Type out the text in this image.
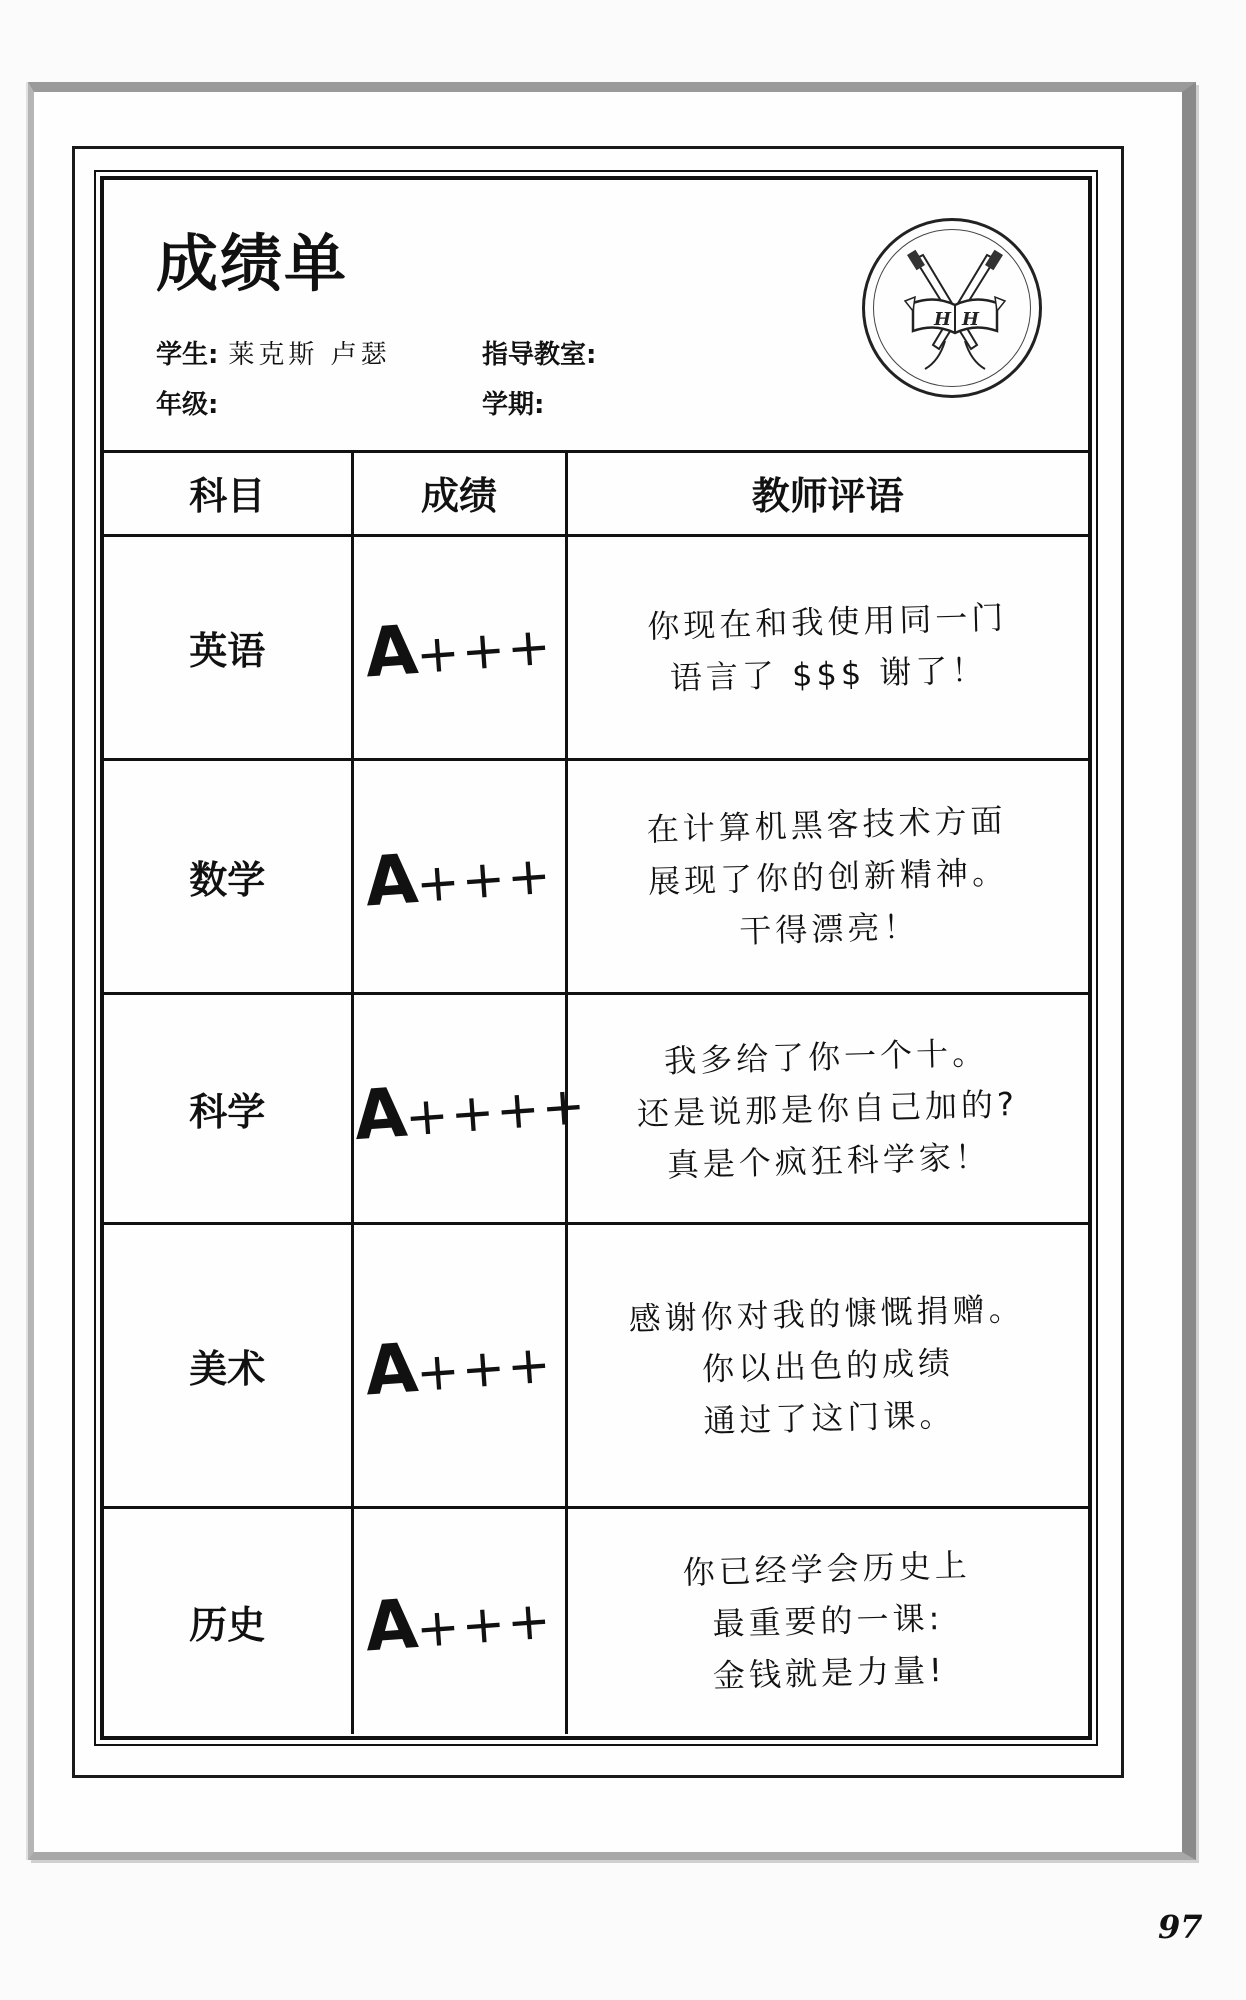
成绩单
学生: 莱克斯 卢瑟	指导教室:
年级:	学期:
H H
科目	成绩	教师评语
英语	A+++	你现在和我使用同一门
语言了 $$$ 谢了！
数学	A+++	在计算机黑客技术方面
展现了你的创新精神。
干得漂亮！
科学	A++++	我多给了你一个十。
还是说那是你自己加的?
真是个疯狂科学家！
美术	A+++	感谢你对我的慷慨捐赠。
你以出色的成绩
通过了这门课。
历史	A+++	你已经学会历史上
最重要的一课:
金钱就是力量!
97
